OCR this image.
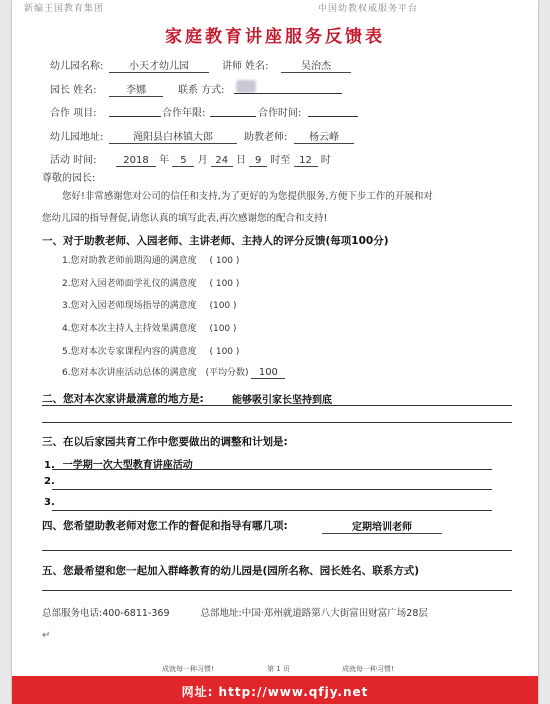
新编王国教育集团	中国幼教权威服务平台
家庭教育讲座服务反馈表
幼儿园名称:	小天才幼儿园	讲师 姓名:	吴治杰
园长 姓名:	李娜	联系 方式:
合作 项目:	合作年限:	合作时间:
幼儿园地址:	渑阳县白林镇大郎	助教老师:	杨云峰
活动 时间:	2018 年 5 月 24 日 9 时至 12 时
尊敬的园长:
您好!非常感谢您对公司的信任和支持,为了更好的为您提供服务,方便下步工作的开展和对
您幼儿园的指导督促,请您认真的填写此表,再次感谢您的配合和支持!
一、对于助教老师、入园老师、主讲老师、主持人的评分反馈(每项100分)
1.您对助教老师前期沟通的满意度 ( 100 )
2.您对入园老师面学礼仪的满意度 ( 100 )
3.您对入园老师现场指导的满意度 (100 )
4.您对本次主持人主持效果满意度 (100 )
5.您对本次专家课程内容的满意度 ( 100 )
6.您对本次讲座活动总体的满意度 (平均分数) 100
二、您对本次家讲最满意的地方是:	能够吸引家长坚持到底
三、在以后家园共育工作中您要做出的调整和计划是:
1. 一学期一次大型教育讲座活动
2.
3.
四、您希望助教老师对您工作的督促和指导有哪几项:	定期培训老师
五、您最希望和您一起加入群峰教育的幼儿园是(园所名称、园长姓名、联系方式)
总部服务电话:400-6811-369	总部地址:中国·郑州就道路第八大街富田财富广场28层
↵
成就每一种习惯!	第 1 页	成就每一种习惯!
网址: http://www.qfjy.net
